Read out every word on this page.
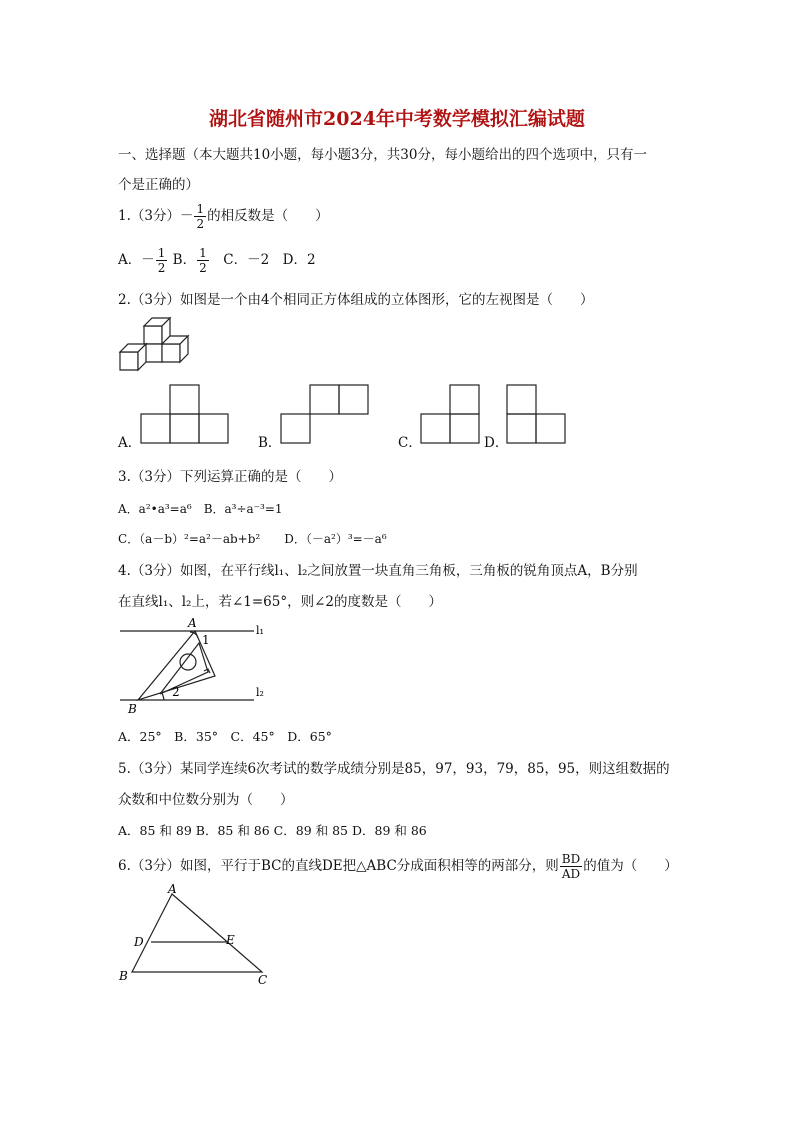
湖北省随州市2024年中考数学模拟汇编试题
一、选择题（本大题共10小题，每小题3分，共30分，每小题给出的四个选项中，只有一
个是正确的）
1.（3分）－ $\frac{1}{2}$ 的相反数是（　　）
A．－ $\frac{1}{2}$ B． $\frac{1}{2}$ 　C．－2　D．2
2.（3分）如图是一个由4个相同正方体组成的立体图形，它的左视图是（　　）
A．	B．	C．	D．
3.（3分）下列运算正确的是（　　）
A．a²•a³=a⁶　B．a³÷a⁻³=1
C．（a－b）²=a²－ab+b²　　D．（－a²）³=－a⁶
4.（3分）如图，在平行线l₁、l₂之间放置一块直角三角板，三角板的锐角顶点A，B分别
在直线l₁、l₂上，若∠1=65°，则∠2的度数是（　　）
A
1
2
B
l₁
l₂
A．25°　B．35°　C．45°　D．65°
5.（3分）某同学连续6次考试的数学成绩分别是85，97，93，79，85，95，则这组数据的
众数和中位数分别为（　　）
A．85 和 89 B．85 和 86 C．89 和 85 D．89 和 86
6.（3分）如图，平行于BC的直线DE把△ABC分成面积相等的两部分，则 $\frac{BD}{AD}$ 的值为（　　）
A
D	E
B	C
